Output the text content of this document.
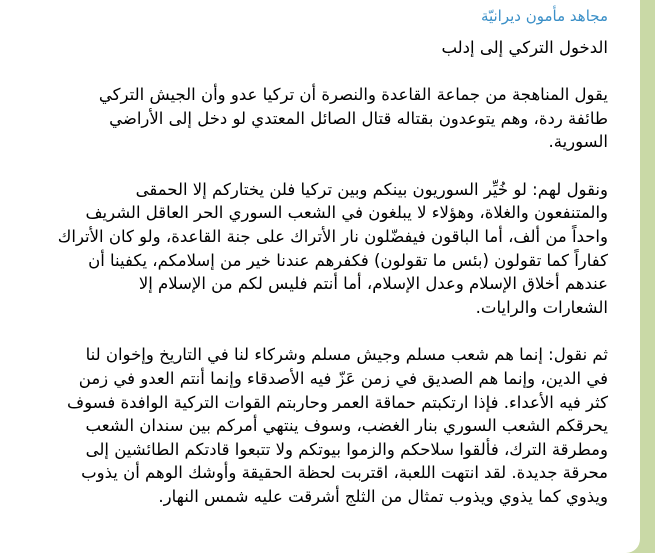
مجاهد مأمون ديرانيّة
الدخول التركي إلى إدلب
يقول المناهجة من جماعة القاعدة والنصرة أن تركيا عدو وأن الجيش التركي
طائفة ردة، وهم يتوعدون بقتاله قتال الصائل المعتدي لو دخل إلى الأراضي
السورية.
ونقول لهم: لو خُيِّر السوريون بينكم وبين تركيا فلن يختاركم إلا الحمقى
والمتنفعون والغلاة، وهؤلاء لا يبلغون في الشعب السوري الحر العاقل الشريف
واحداً من ألف، أما الباقون فيفضّلون نار الأتراك على جنة القاعدة، ولو كان الأتراك
كفاراً كما تقولون (بئس ما تقولون) فكفرهم عندنا خير من إسلامكم، يكفينا أن
عندهم أخلاق الإسلام وعدل الإسلام، أما أنتم فليس لكم من الإسلام إلا
الشعارات والرايات.
ثم نقول: إنما هم شعب مسلم وجيش مسلم وشركاء لنا في التاريخ وإخوان لنا
في الدين، وإنما هم الصديق في زمن عَزّ فيه الأصدقاء وإنما أنتم العدو في زمن
كثر فيه الأعداء. فإذا ارتكبتم حماقة العمر وحاربتم القوات التركية الوافدة فسوف
يحرقكم الشعب السوري بنار الغضب، وسوف ينتهي أمركم بين سندان الشعب
ومطرقة الترك، فألقوا سلاحكم والزموا بيوتكم ولا تتبعوا قادتكم الطائشين إلى
محرقة جديدة. لقد انتهت اللعبة، اقتربت لحظة الحقيقة وأوشك الوهم أن يذوب
ويذوي كما يذوي ويذوب تمثال من الثلج أشرقت عليه شمس النهار.
